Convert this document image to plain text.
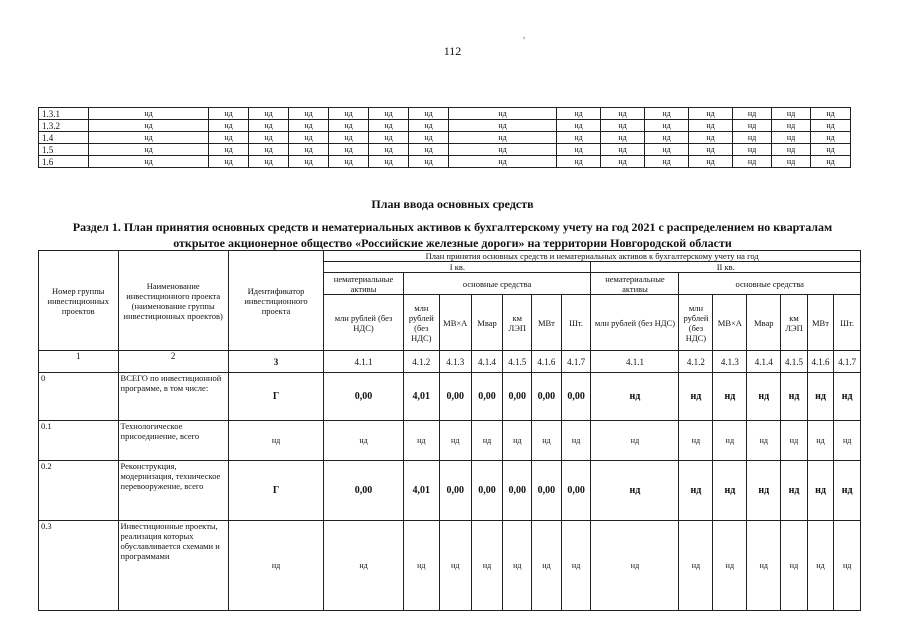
112
,
1.3.1	нд	нд	нд	нд	нд	нд	нд	нд	нд	нд	нд	нд	нд	нд	нд
1.3.2	нд	нд	нд	нд	нд	нд	нд	нд	нд	нд	нд	нд	нд	нд	нд
1.4	нд	нд	нд	нд	нд	нд	нд	нд	нд	нд	нд	нд	нд	нд	нд
1.5	нд	нд	нд	нд	нд	нд	нд	нд	нд	нд	нд	нд	нд	нд	нд
1.6	нд	нд	нд	нд	нд	нд	нд	нд	нд	нд	нд	нд	нд	нд	нд
План ввода основных средств
Раздел 1. План принятия основных средств и нематериальных активов к бухгалтерскому учету на год 2021 с распределением но кварталам открытое акционерное общество «Российские железные дороги» на территории Новгородской области
Номер группы инвестиционных проектов	Наименование инвестиционного проекта (наименование группы инвестиционных проектов)	Идентификатор инвестиционного проекта	План принятия основных средств и нематериальных активов к бухгалтерскому учету на год													
			I кв.							II кв.						
			нематериальные активы	основные средства						нематериальные активы	основные средства					
			млн рублей (без НДС)	млн рублей (без НДС)	МВ×А	Мвар	км ЛЭП	МВт	Шт.	млн рублей (без НДС)	млн рублей (без НДС)	МВ×А	Мвар	км ЛЭП	МВт	Шт.
1	2	3	4.1.1	4.1.2	4.1.3	4.1.4	4.1.5	4.1.6	4.1.7	4.1.1	4.1.2	4.1.3	4.1.4	4.1.5	4.1.6	4.1.7
0	ВСЕГО по инвестиционной программе, в том числе:	Г	0,00	4,01	0,00	0,00	0,00	0,00	0,00	нд	нд	нд	нд	нд	нд	нд
0.1	Технологическое присоединение, всего	нд	нд	нд	нд	нд	нд	нд	нд	нд	нд	нд	нд	нд	нд	нд
0.2	Реконструкция, модернизация, техническое перевооружение, всего	Г	0,00	4,01	0,00	0,00	0,00	0,00	0,00	нд	нд	нд	нд	нд	нд	нд
0.3	Инвестиционные проекты, реализация которых обуславливается схемами и программами	нд	нд	нд	нд	нд	нд	нд	нд	нд	нд	нд	нд	нд	нд	нд
